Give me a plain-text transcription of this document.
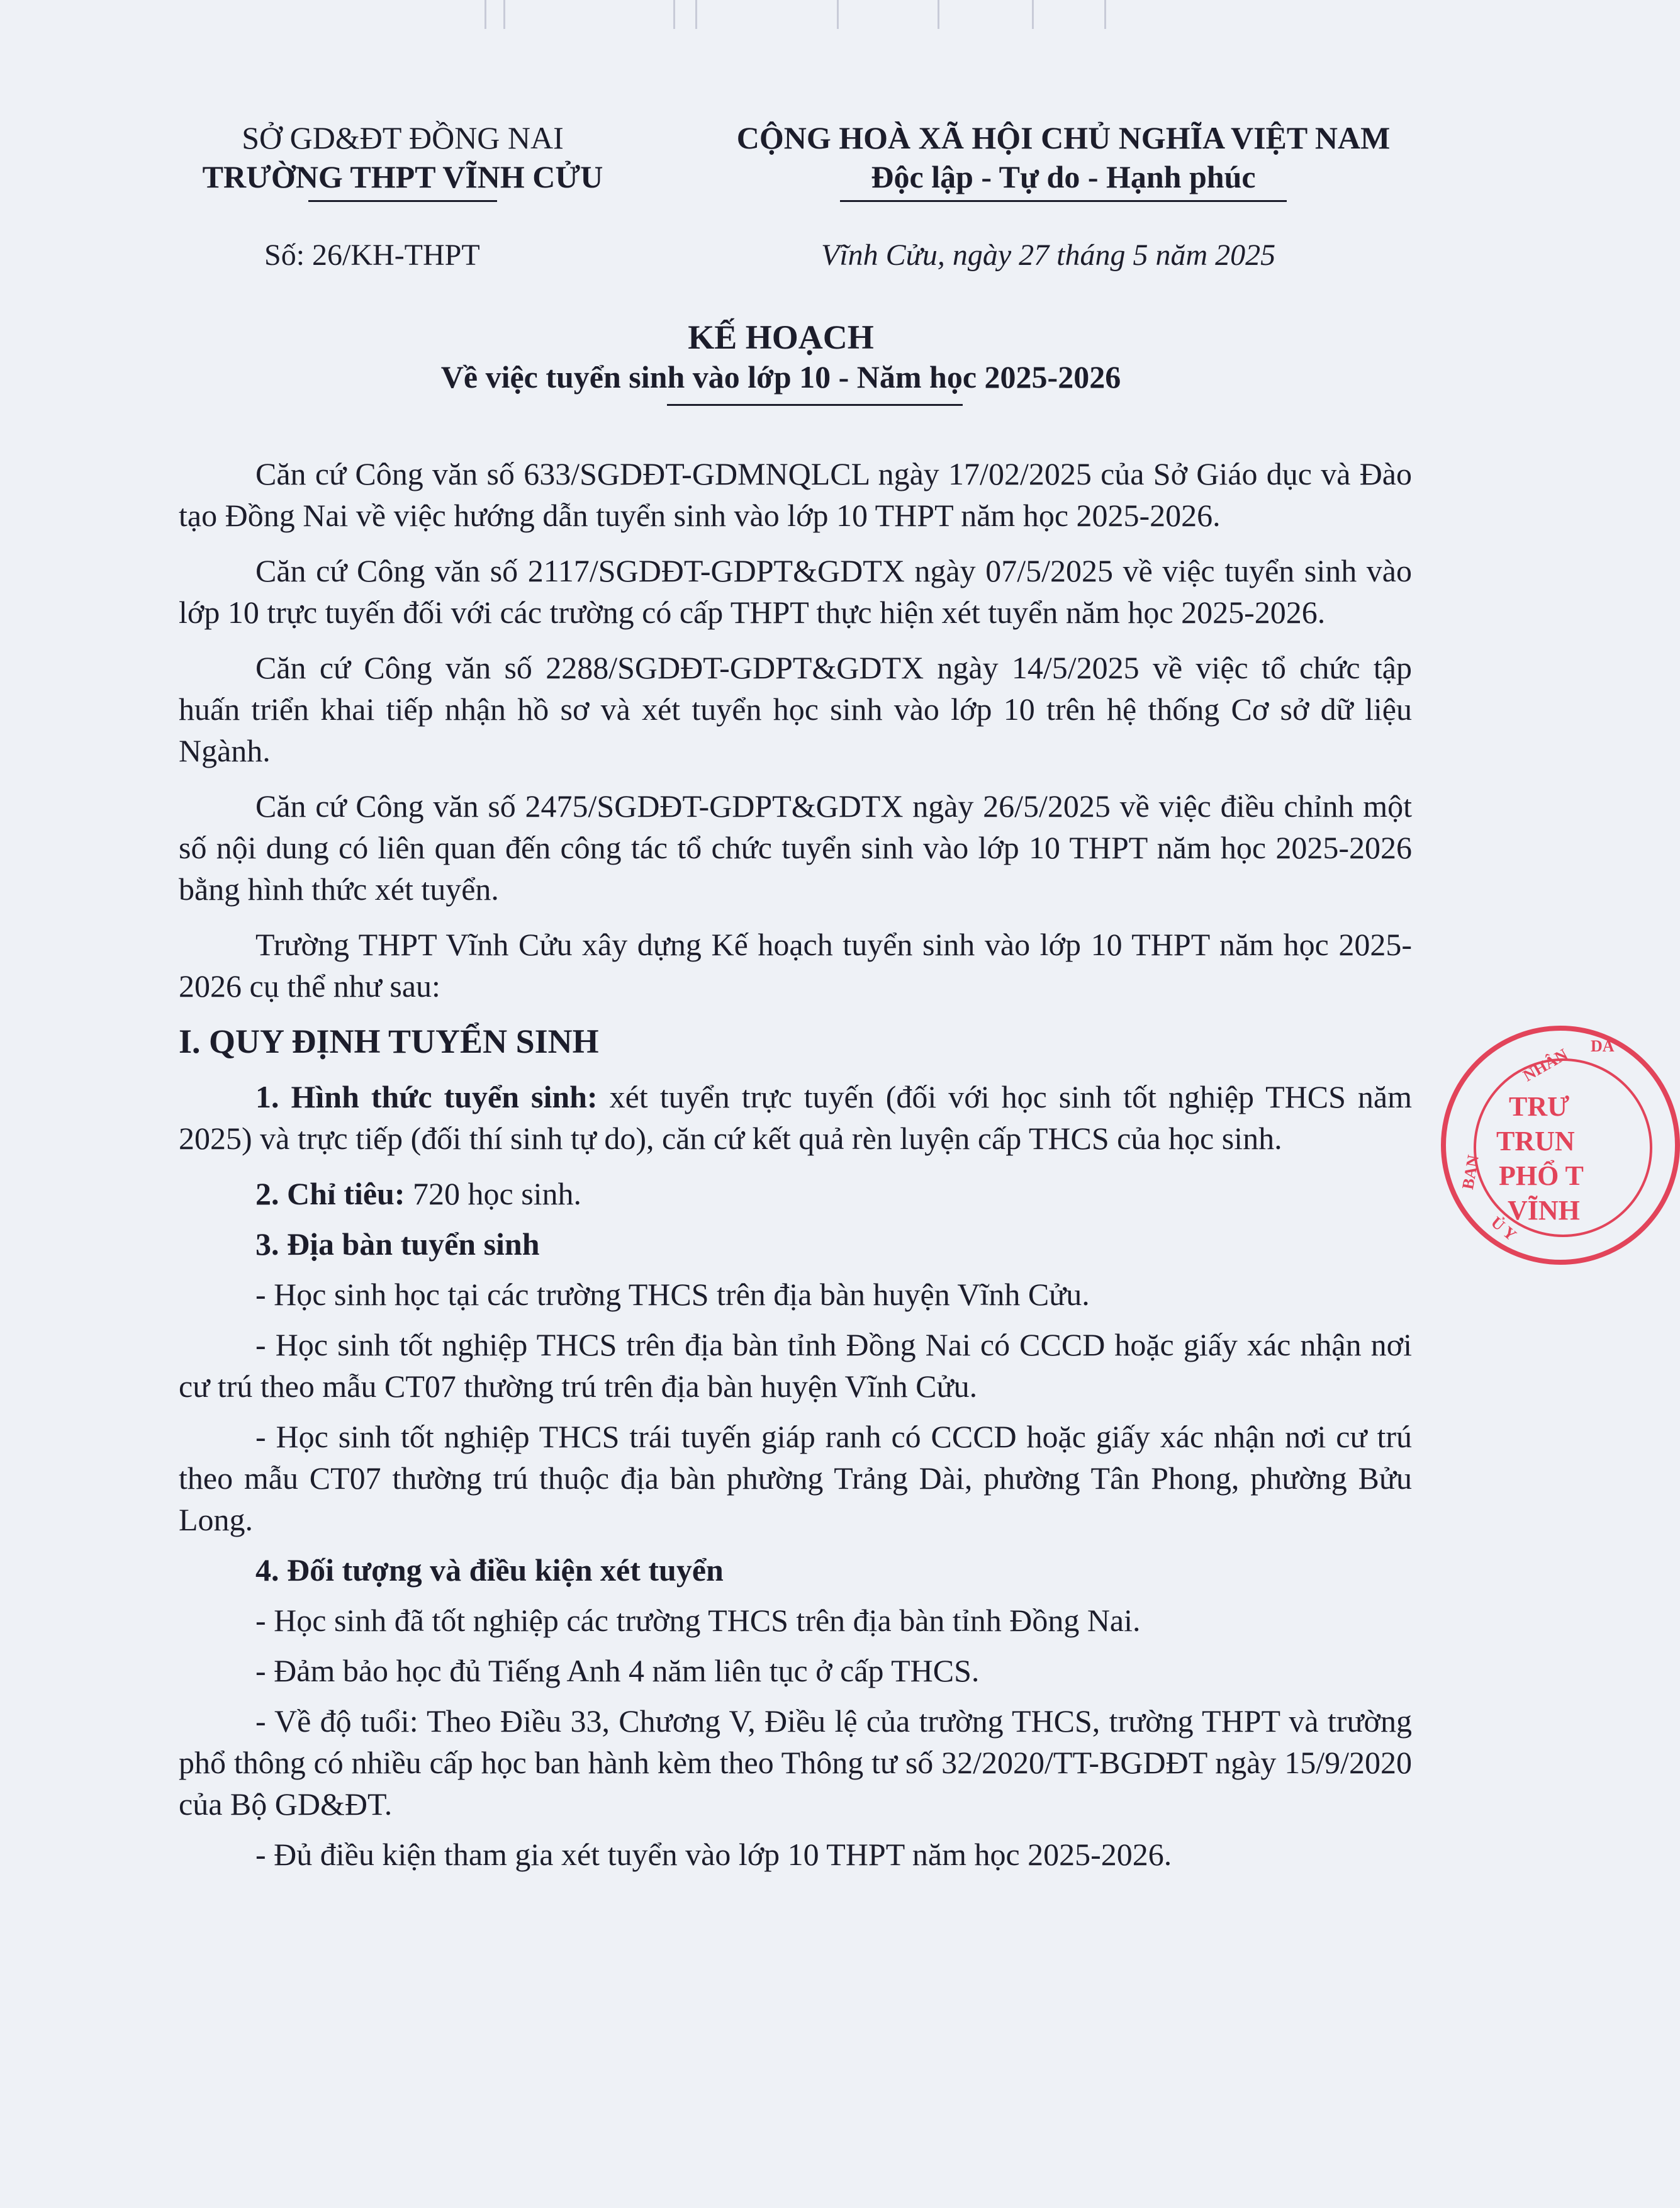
SỞ GD&ĐT ĐỒNG NAI
TRƯỜNG THPT VĨNH CỬU
CỘNG HOÀ XÃ HỘI CHỦ NGHĨA VIỆT NAM
Độc lập - Tự do - Hạnh phúc
Số: 26/KH-THPT	Vĩnh Cửu, ngày 27 tháng 5 năm 2025
KẾ HOẠCH
Về việc tuyển sinh vào lớp 10 - Năm học 2025-2026

Căn cứ Công văn số 633/SGDĐT-GDMNQLCL ngày 17/02/2025 của Sở Giáo dục và Đào tạo Đồng Nai về việc hướng dẫn tuyển sinh vào lớp 10 THPT năm học 2025-2026.

Căn cứ Công văn số 2117/SGDĐT-GDPT&GDTX ngày 07/5/2025 về việc tuyển sinh vào lớp 10 trực tuyến đối với các trường có cấp THPT thực hiện xét tuyển năm học 2025-2026.

Căn cứ Công văn số 2288/SGDĐT-GDPT&GDTX ngày 14/5/2025 về việc tổ chức tập huấn triển khai tiếp nhận hồ sơ và xét tuyển học sinh vào lớp 10 trên hệ thống Cơ sở dữ liệu Ngành.

Căn cứ Công văn số 2475/SGDĐT-GDPT&GDTX ngày 26/5/2025 về việc điều chỉnh một số nội dung có liên quan đến công tác tổ chức tuyển sinh vào lớp 10 THPT năm học 2025-2026 bằng hình thức xét tuyển.

Trường THPT Vĩnh Cửu xây dựng Kế hoạch tuyển sinh vào lớp 10 THPT năm học 2025-2026 cụ thể như sau:

I. QUY ĐỊNH TUYỂN SINH

1. Hình thức tuyển sinh: xét tuyển trực tuyến (đối với học sinh tốt nghiệp THCS năm 2025) và trực tiếp (đối thí sinh tự do), căn cứ kết quả rèn luyện cấp THCS của học sinh.

2. Chỉ tiêu: 720 học sinh.

3. Địa bàn tuyển sinh

- Học sinh học tại các trường THCS trên địa bàn huyện Vĩnh Cửu.

- Học sinh tốt nghiệp THCS trên địa bàn tỉnh Đồng Nai có CCCD hoặc giấy xác nhận nơi cư trú theo mẫu CT07 thường trú trên địa bàn huyện Vĩnh Cửu.

- Học sinh tốt nghiệp THCS trái tuyến giáp ranh có CCCD hoặc giấy xác nhận nơi cư trú theo mẫu CT07 thường trú thuộc địa bàn phường Trảng Dài, phường Tân Phong, phường Bửu Long.

4. Đối tượng và điều kiện xét tuyển

- Học sinh đã tốt nghiệp các trường THCS trên địa bàn tỉnh Đồng Nai.

- Đảm bảo học đủ Tiếng Anh 4 năm liên tục ở cấp THCS.

- Về độ tuổi: Theo Điều 33, Chương V, Điều lệ của trường THCS, trường THPT và trường phổ thông có nhiều cấp học ban hành kèm theo Thông tư số 32/2020/TT-BGDĐT ngày 15/9/2020 của Bộ GD&ĐT.

- Đủ điều kiện tham gia xét tuyển vào lớp 10 THPT năm học 2025-2026.

NHÂN DÂ
BAN
Ủ Y
TRƯ
TRUN
PHỔ T
VĨNH
